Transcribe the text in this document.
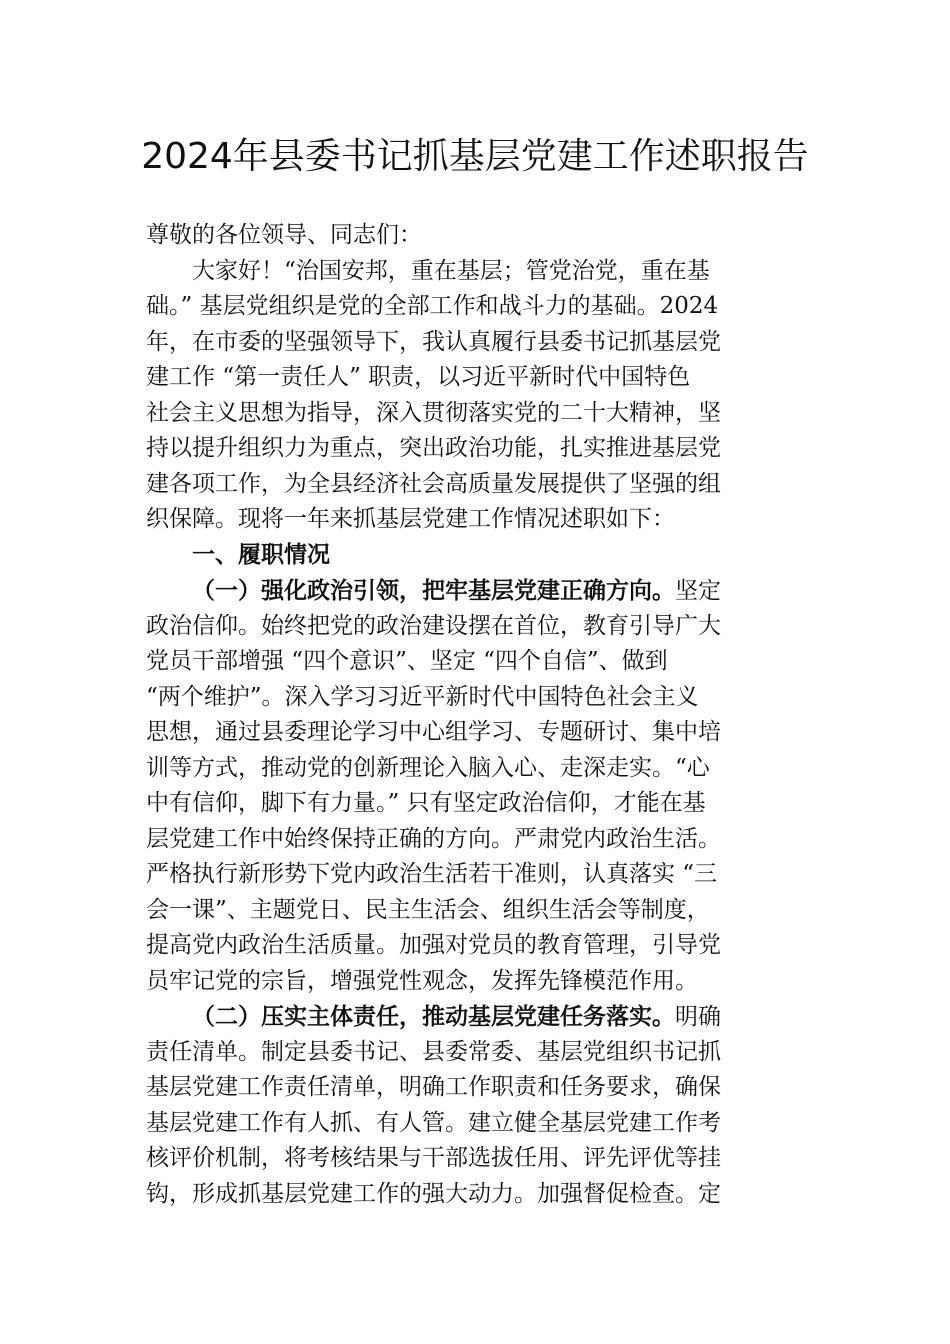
2024年县委书记抓基层党建工作述职报告
尊敬的各位领导、同志们：
大家好！“治国安邦，重在基层；管党治党，重在基
础。” 基层党组织是党的全部工作和战斗力的基础。2024
年，在市委的坚强领导下，我认真履行县委书记抓基层党
建工作 “第一责任人” 职责，以习近平新时代中国特色
社会主义思想为指导，深入贯彻落实党的二十大精神，坚
持以提升组织力为重点，突出政治功能，扎实推进基层党
建各项工作，为全县经济社会高质量发展提供了坚强的组
织保障。现将一年来抓基层党建工作情况述职如下：
一、履职情况
（一）强化政治引领，把牢基层党建正确方向。坚定
政治信仰。始终把党的政治建设摆在首位，教育引导广大
党员干部增强 “四个意识”、坚定 “四个自信”、做到
“两个维护”。深入学习习近平新时代中国特色社会主义
思想，通过县委理论学习中心组学习、专题研讨、集中培
训等方式，推动党的创新理论入脑入心、走深走实。“心
中有信仰，脚下有力量。” 只有坚定政治信仰，才能在基
层党建工作中始终保持正确的方向。严肃党内政治生活。
严格执行新形势下党内政治生活若干准则，认真落实 “三
会一课”、主题党日、民主生活会、组织生活会等制度，
提高党内政治生活质量。加强对党员的教育管理，引导党
员牢记党的宗旨，增强党性观念，发挥先锋模范作用。
（二）压实主体责任，推动基层党建任务落实。明确
责任清单。制定县委书记、县委常委、基层党组织书记抓
基层党建工作责任清单，明确工作职责和任务要求，确保
基层党建工作有人抓、有人管。建立健全基层党建工作考
核评价机制，将考核结果与干部选拔任用、评先评优等挂
钩，形成抓基层党建工作的强大动力。加强督促检查。定
